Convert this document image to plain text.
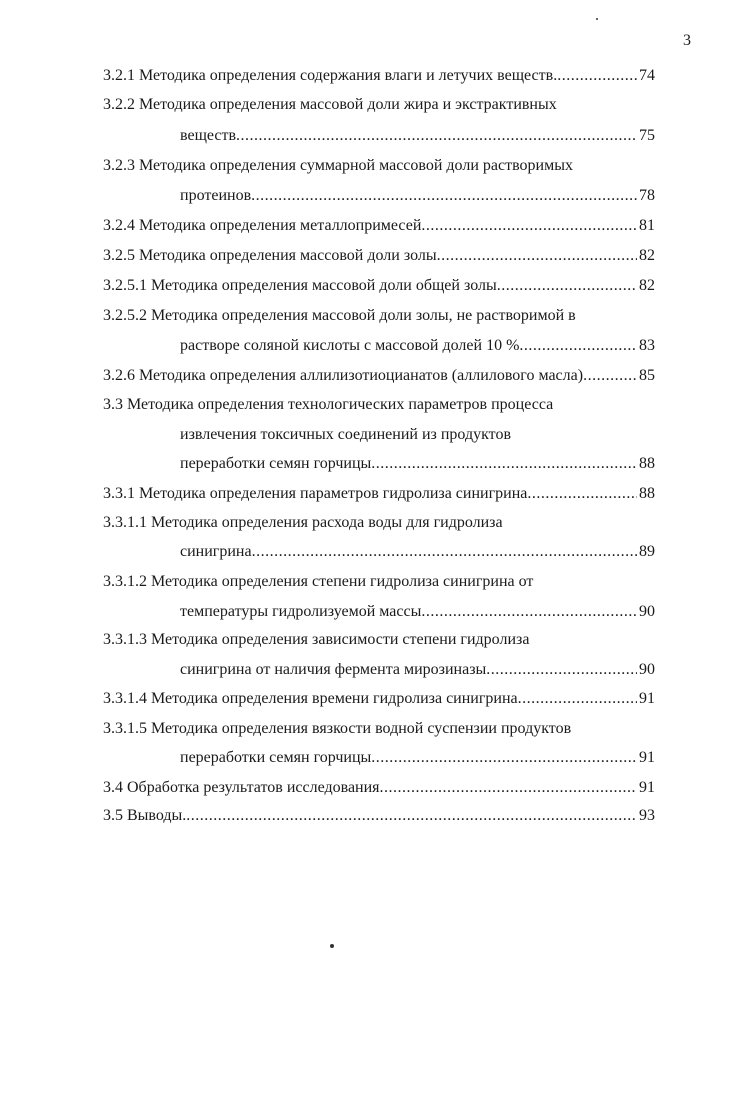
3
3.2.1 Методика определения содержания влаги и летучих веществ. .....	74
3.2.2 Методика определения массовой доли жира и экстрактивных
веществ .....	75
3.2.3 Методика определения суммарной массовой доли растворимых
протеинов .....	78
3.2.4 Методика определения металлопримесей .....	81
3.2.5 Методика определения массовой доли золы .....	82
3.2.5.1 Методика определения массовой доли общей золы .....	82
3.2.5.2 Методика определения массовой доли золы, не растворимой в
растворе соляной кислоты с массовой долей 10 % .....	83
3.2.6 Методика определения аллилизотиоцианатов (аллилового масла) .....	85
3.3 Методика определения технологических параметров процесса
извлечения токсичных соединений из продуктов
переработки семян горчицы .....	88
3.3.1 Методика определения параметров гидролиза синигрина .....	88
3.3.1.1 Методика определения расхода воды для гидролиза
синигрина .....	89
3.3.1.2 Методика определения степени гидролиза синигрина от
температуры гидролизуемой массы .....	90
3.3.1.3 Методика определения зависимости степени гидролиза
синигрина от наличия фермента мирозиназы .....	90
3.3.1.4 Методика определения времени гидролиза синигрина .....	91
3.3.1.5 Методика определения вязкости водной суспензии продуктов
переработки семян горчицы .....	91
3.4 Обработка результатов исследования .....	91
3.5 Выводы. .....	93
